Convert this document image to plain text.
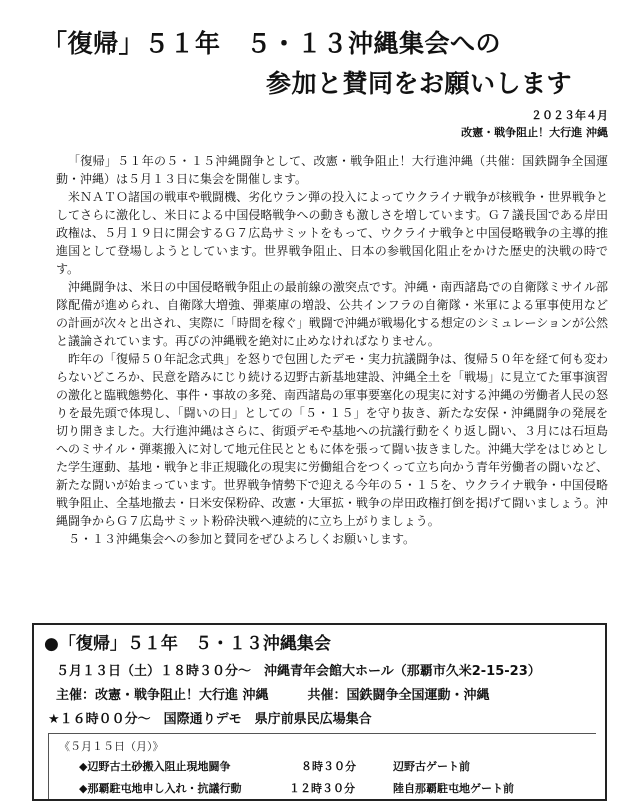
「復帰」５１年　５・１３沖縄集会への
参加と賛同をお願いします
２０２３年４月
改憲・戦争阻止！大行進 沖縄

「復帰」５１年の５・１５沖縄闘争として、改憲・戦争阻止！大行進沖縄（共催：国鉄闘争全国運動・沖縄）は５月１３日に集会を開催します。

米ＮＡＴＯ諸国の戦車や戦闘機、劣化ウラン弾の投入によってウクライナ戦争が核戦争・世界戦争としてさらに激化し、米日による中国侵略戦争への動きも激しさを増しています。Ｇ７議長国である岸田政権は、５月１９日に開会するＧ７広島サミットをもって、ウクライナ戦争と中国侵略戦争の主導的推進国として登場しようとしています。世界戦争阻止、日本の参戦国化阻止をかけた歴史的決戦の時です。

沖縄闘争は、米日の中国侵略戦争阻止の最前線の激突点です。沖縄・南西諸島での自衛隊ミサイル部隊配備が進められ、自衛隊大増強、弾薬庫の増設、公共インフラの自衛隊・米軍による軍事使用などの計画が次々と出され、実際に「時間を稼ぐ」戦闘で沖縄が戦場化する想定のシミュレーションが公然と議論されています。再びの沖縄戦を絶対に止めなければなりません。

昨年の「復帰５０年記念式典」を怒りで包囲したデモ・実力抗議闘争は、復帰５０年を経て何も変わらないどころか、民意を踏みにじり続ける辺野古新基地建設、沖縄全土を「戦場」に見立てた軍事演習の激化と臨戦態勢化、事件・事故の多発、南西諸島の軍事要塞化の現実に対する沖縄の労働者人民の怒りを最先頭で体現し、「闘いの日」としての「５・１５」を守り抜き、新たな安保・沖縄闘争の発展を切り開きました。大行進沖縄はさらに、街頭デモや基地への抗議行動をくり返し闘い、３月には石垣島へのミサイル・弾薬搬入に対して地元住民とともに体を張って闘い抜きました。沖縄大学をはじめとした学生運動、基地・戦争と非正規職化の現実に労働組合をつくって立ち向かう青年労働者の闘いなど、新たな闘いが始まっています。世界戦争情勢下で迎える今年の５・１５を、ウクライナ戦争・中国侵略戦争阻止、全基地撤去・日米安保粉砕、改憲・大軍拡・戦争の岸田政権打倒を掲げて闘いましょう。沖縄闘争からＧ７広島サミット粉砕決戦へ連続的に立ち上がりましょう。

５・１３沖縄集会への参加と賛同をぜひよろしくお願いします。

●「復帰」５１年　５・１３沖縄集会
５月１３日（土）１８時３０分～　沖縄青年会館大ホール（那覇市久米2-15-23）
主催：改憲・戦争阻止！大行進 沖縄　　　共催：国鉄闘争全国運動・沖縄
★１６時００分～　国際通りデモ　県庁前県民広場集合
《５月１５日（月）》
◆辺野古土砂搬入阻止現地闘争	８時３０分	辺野古ゲート前
◆那覇駐屯地申し入れ・抗議行動	１２時３０分	陸自那覇駐屯地ゲート前
